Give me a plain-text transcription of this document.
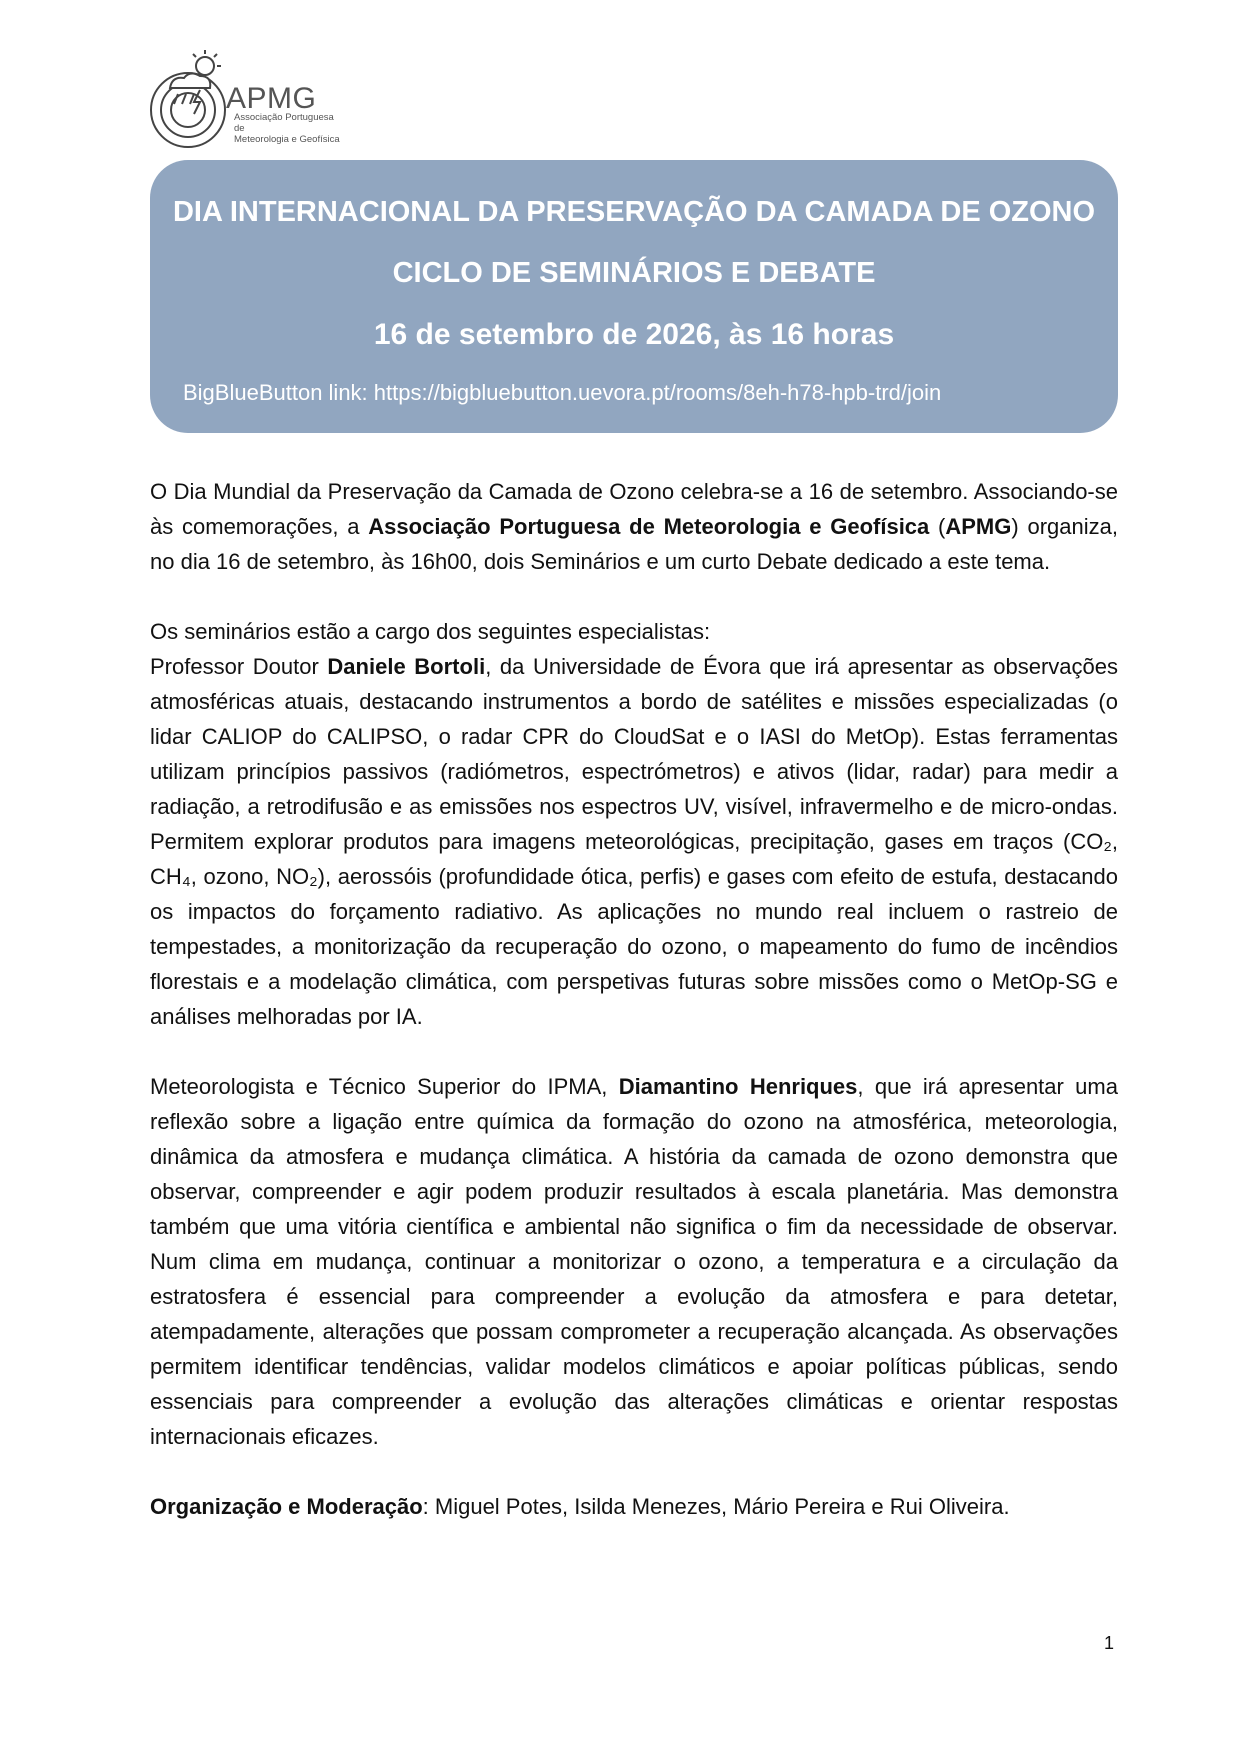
APMG
Associação Portuguesa de
Meteorologia e Geofísica
DIA INTERNACIONAL DA PRESERVAÇÃO DA CAMADA DE OZONO
CICLO DE SEMINÁRIOS E DEBATE
16 de setembro de 2026, às 16 horas
BigBlueButton link: https://bigbluebutton.uevora.pt/rooms/8eh-h78-hpb-trd/join

O Dia Mundial da Preservação da Camada de Ozono celebra-se a 16 de setembro. Associando-se às comemorações, a Associação Portuguesa de Meteorologia e Geofísica (APMG) organiza, no dia 16 de setembro, às 16h00, dois Seminários e um curto Debate dedicado a este tema.

Os seminários estão a cargo dos seguintes especialistas:

Professor Doutor Daniele Bortoli, da Universidade de Évora que irá apresentar as observações atmosféricas atuais, destacando instrumentos a bordo de satélites e missões especializadas (o lidar CALIOP do CALIPSO, o radar CPR do CloudSat e o IASI do MetOp). Estas ferramentas utilizam princípios passivos (radiómetros, espectrómetros) e ativos (lidar, radar) para medir a radiação, a retrodifusão e as emissões nos espectros UV, visível, infravermelho e de micro-ondas. Permitem explorar produtos para imagens meteorológicas, precipitação, gases em traços (CO₂, CH₄, ozono, NO₂), aerossóis (profundidade ótica, perfis) e gases com efeito de estufa, destacando os impactos do forçamento radiativo. As aplicações no mundo real incluem o rastreio de tempestades, a monitorização da recuperação do ozono, o mapeamento do fumo de incêndios florestais e a modelação climática, com perspetivas futuras sobre missões como o MetOp-SG e análises melhoradas por IA.

Meteorologista e Técnico Superior do IPMA, Diamantino Henriques, que irá apresentar uma reflexão sobre a ligação entre química da formação do ozono na atmosférica, meteorologia, dinâmica da atmosfera e mudança climática. A história da camada de ozono demonstra que observar, compreender e agir podem produzir resultados à escala planetária. Mas demonstra também que uma vitória científica e ambiental não significa o fim da necessidade de observar. Num clima em mudança, continuar a monitorizar o ozono, a temperatura e a circulação da estratosfera é essencial para compreender a evolução da atmosfera e para detetar, atempadamente, alterações que possam comprometer a recuperação alcançada. As observações permitem identificar tendências, validar modelos climáticos e apoiar políticas públicas, sendo essenciais para compreender a evolução das alterações climáticas e orientar respostas internacionais eficazes.

Organização e Moderação: Miguel Potes, Isilda Menezes, Mário Pereira e Rui Oliveira.

1
